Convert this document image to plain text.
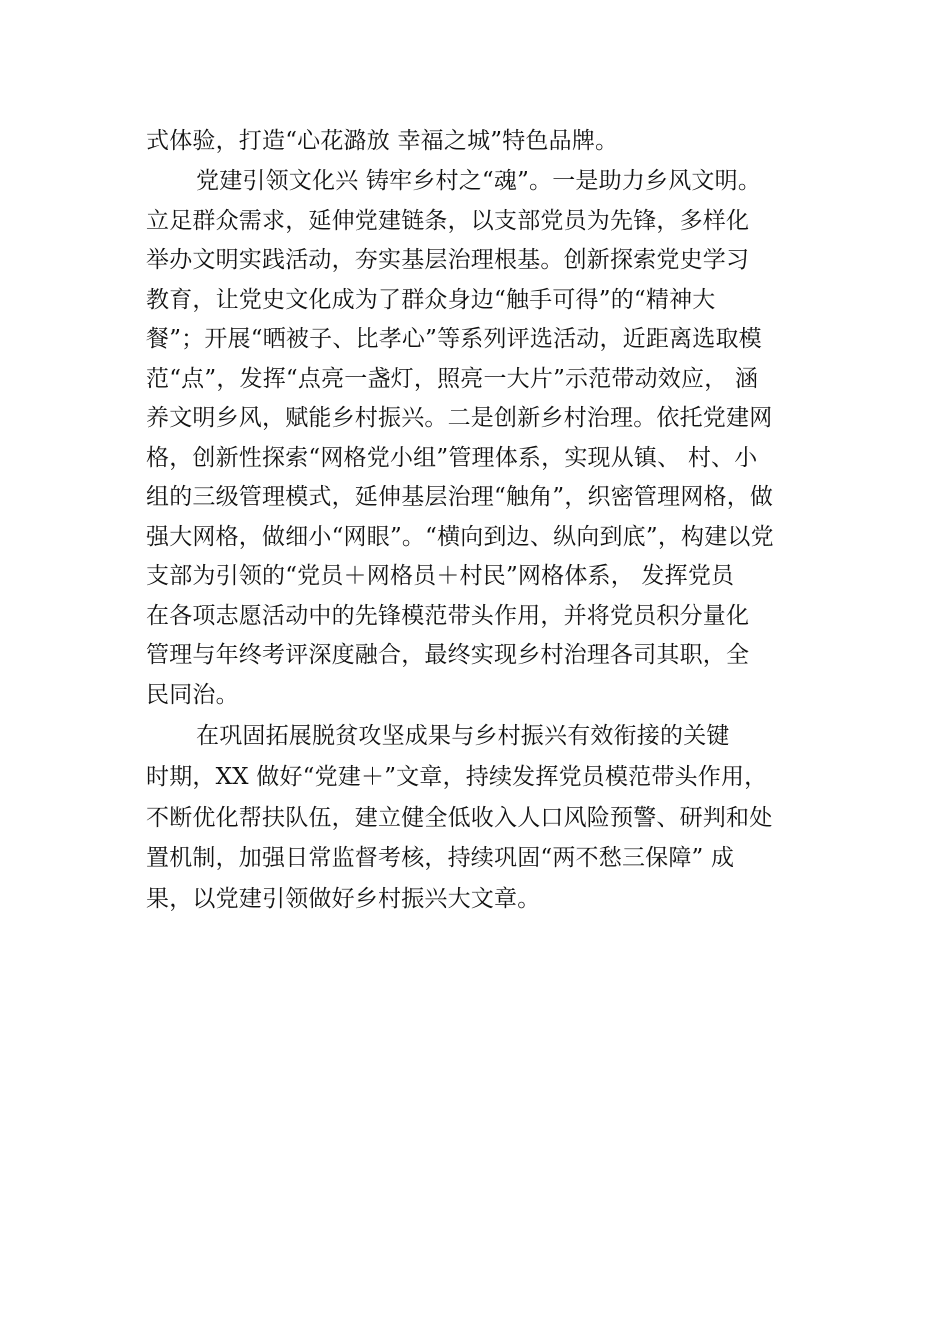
式体验，打造“心花潞放 幸福之城”特色品牌。
党建引领文化兴 铸牢乡村之“魂”。一是助力乡风文明。
立足群众需求，延伸党建链条，以支部党员为先锋，多样化
举办文明实践活动，夯实基层治理根基。创新探索党史学习
教育，让党史文化成为了群众身边“触手可得”的“精神大
餐”；开展“晒被子、比孝心”等系列评选活动，近距离选取模
范“点”，发挥“点亮一盏灯，照亮一大片”示范带动效应， 涵
养文明乡风，赋能乡村振兴。二是创新乡村治理。依托党建网
格，创新性探索“网格党小组”管理体系，实现从镇、 村、小
组的三级管理模式，延伸基层治理“触角”，织密管理网格，做
强大网格，做细小“网眼”。“横向到边、纵向到底”，构建以党
支部为引领的“党员＋网格员＋村民”网格体系， 发挥党员
在各项志愿活动中的先锋模范带头作用，并将党员积分量化
管理与年终考评深度融合，最终实现乡村治理各司其职，全
民同治。
在巩固拓展脱贫攻坚成果与乡村振兴有效衔接的关键
时期，XX 做好“党建＋”文章，持续发挥党员模范带头作用，
不断优化帮扶队伍，建立健全低收入人口风险预警、研判和处
置机制，加强日常监督考核，持续巩固“两不愁三保障” 成
果，以党建引领做好乡村振兴大文章。
